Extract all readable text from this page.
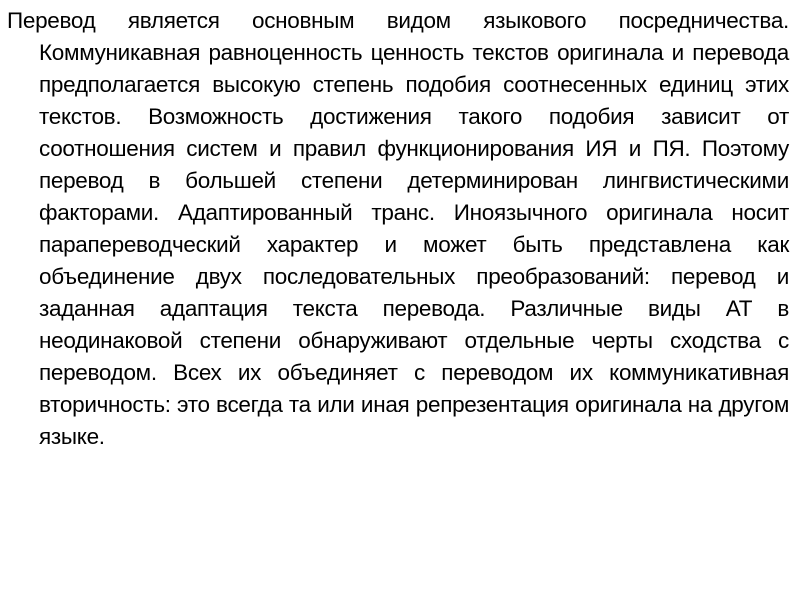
Перевод является основным видом языкового посредничества. Коммуникавная равноценность ценность текстов оригинала и перевода предполагается высокую степень подобия соотнесенных единиц этих текстов. Возможность достижения такого подобия зависит от соотношения систем и правил функционирования ИЯ и ПЯ. Поэтому перевод в большей степени детерминирован лингвистическими факторами. Адаптированный транс. Иноязычного оригинала носит парапереводческий характер и может быть представлена как объединение двух последовательных преобразований: перевод и заданная адаптация текста перевода. Различные виды АТ в неодинаковой степени обнаруживают отдельные черты сходства с переводом. Всех их объединяет с переводом их коммуникативная вторичность: это всегда та или иная репрезентация оригинала на другом языке.
